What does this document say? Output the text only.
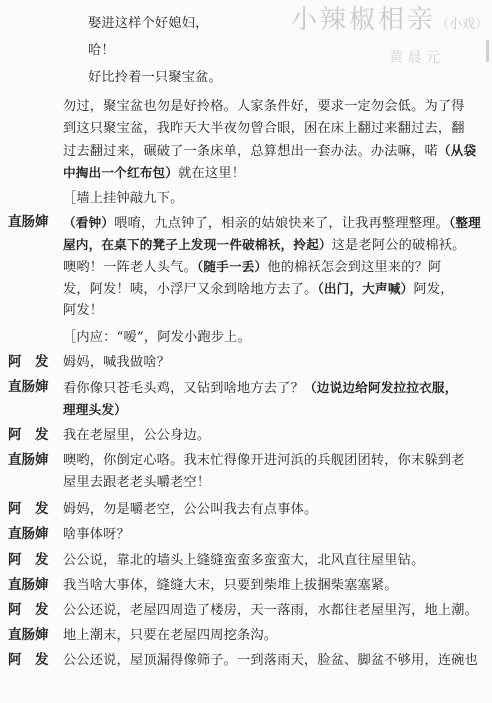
小辣椒相亲（小戏）
黄 晨 元
娶进这样个好媳妇，
哈！
好比拎着一只聚宝盆。
勿过，聚宝盆也勿是好拎格。人家条件好，要求一定勿会低。为了得
到这只聚宝盆，我昨天大半夜勿曾合眼，困在床上翻过来翻过去，翻
过去翻过来，碾破了一条床单，总算想出一套办法。办法嘛，喏（从袋
中掏出一个红布包）就在这里！
［墙上挂钟敲九下。
直肠婶 （看钟）喂唷，九点钟了，相亲的姑娘快来了，让我再整理整理。（整理
屋内，在桌下的凳子上发现一件破棉袄，拎起）这是老阿公的破棉袄。
噢哟！一阵老人头气。（随手一丢）他的棉袄怎会到这里来的？阿
发，阿发！咦，小浮尸又氽到啥地方去了。（出门，大声喊）阿发，
阿发！
［内应：“嗳”，阿发小跑步上。
阿　发 姆妈，喊我做啥？
直肠婶 看你像只苍毛头鸡，又钻到啥地方去了？（边说边给阿发拉拉衣服，
理理头发）
阿　发 我在老屋里，公公身边。
直肠婶 噢哟，你倒定心咯。我末忙得像开进河浜的兵舰团团转，你末躲到老
屋里去跟老老头嚼老空！
阿　发 姆妈，勿是嚼老空，公公叫我去有点事体。
直肠婶 啥事体呀？
阿　发 公公说，靠北的墙头上缝缝蛮蛮多蛮蛮大，北风直往屋里钻。
直肠婶 我当啥大事体，缝缝大末，只要到柴堆上拔捆柴塞塞紧。
阿　发 公公还说，老屋四周造了楼房，天一落雨，水都往老屋里泻，地上潮。
直肠婶 地上潮末，只要在老屋四周挖条沟。
阿　发 公公还说，屋顶漏得像筛子。一到落雨天，脸盆、脚盆不够用，连碗也
